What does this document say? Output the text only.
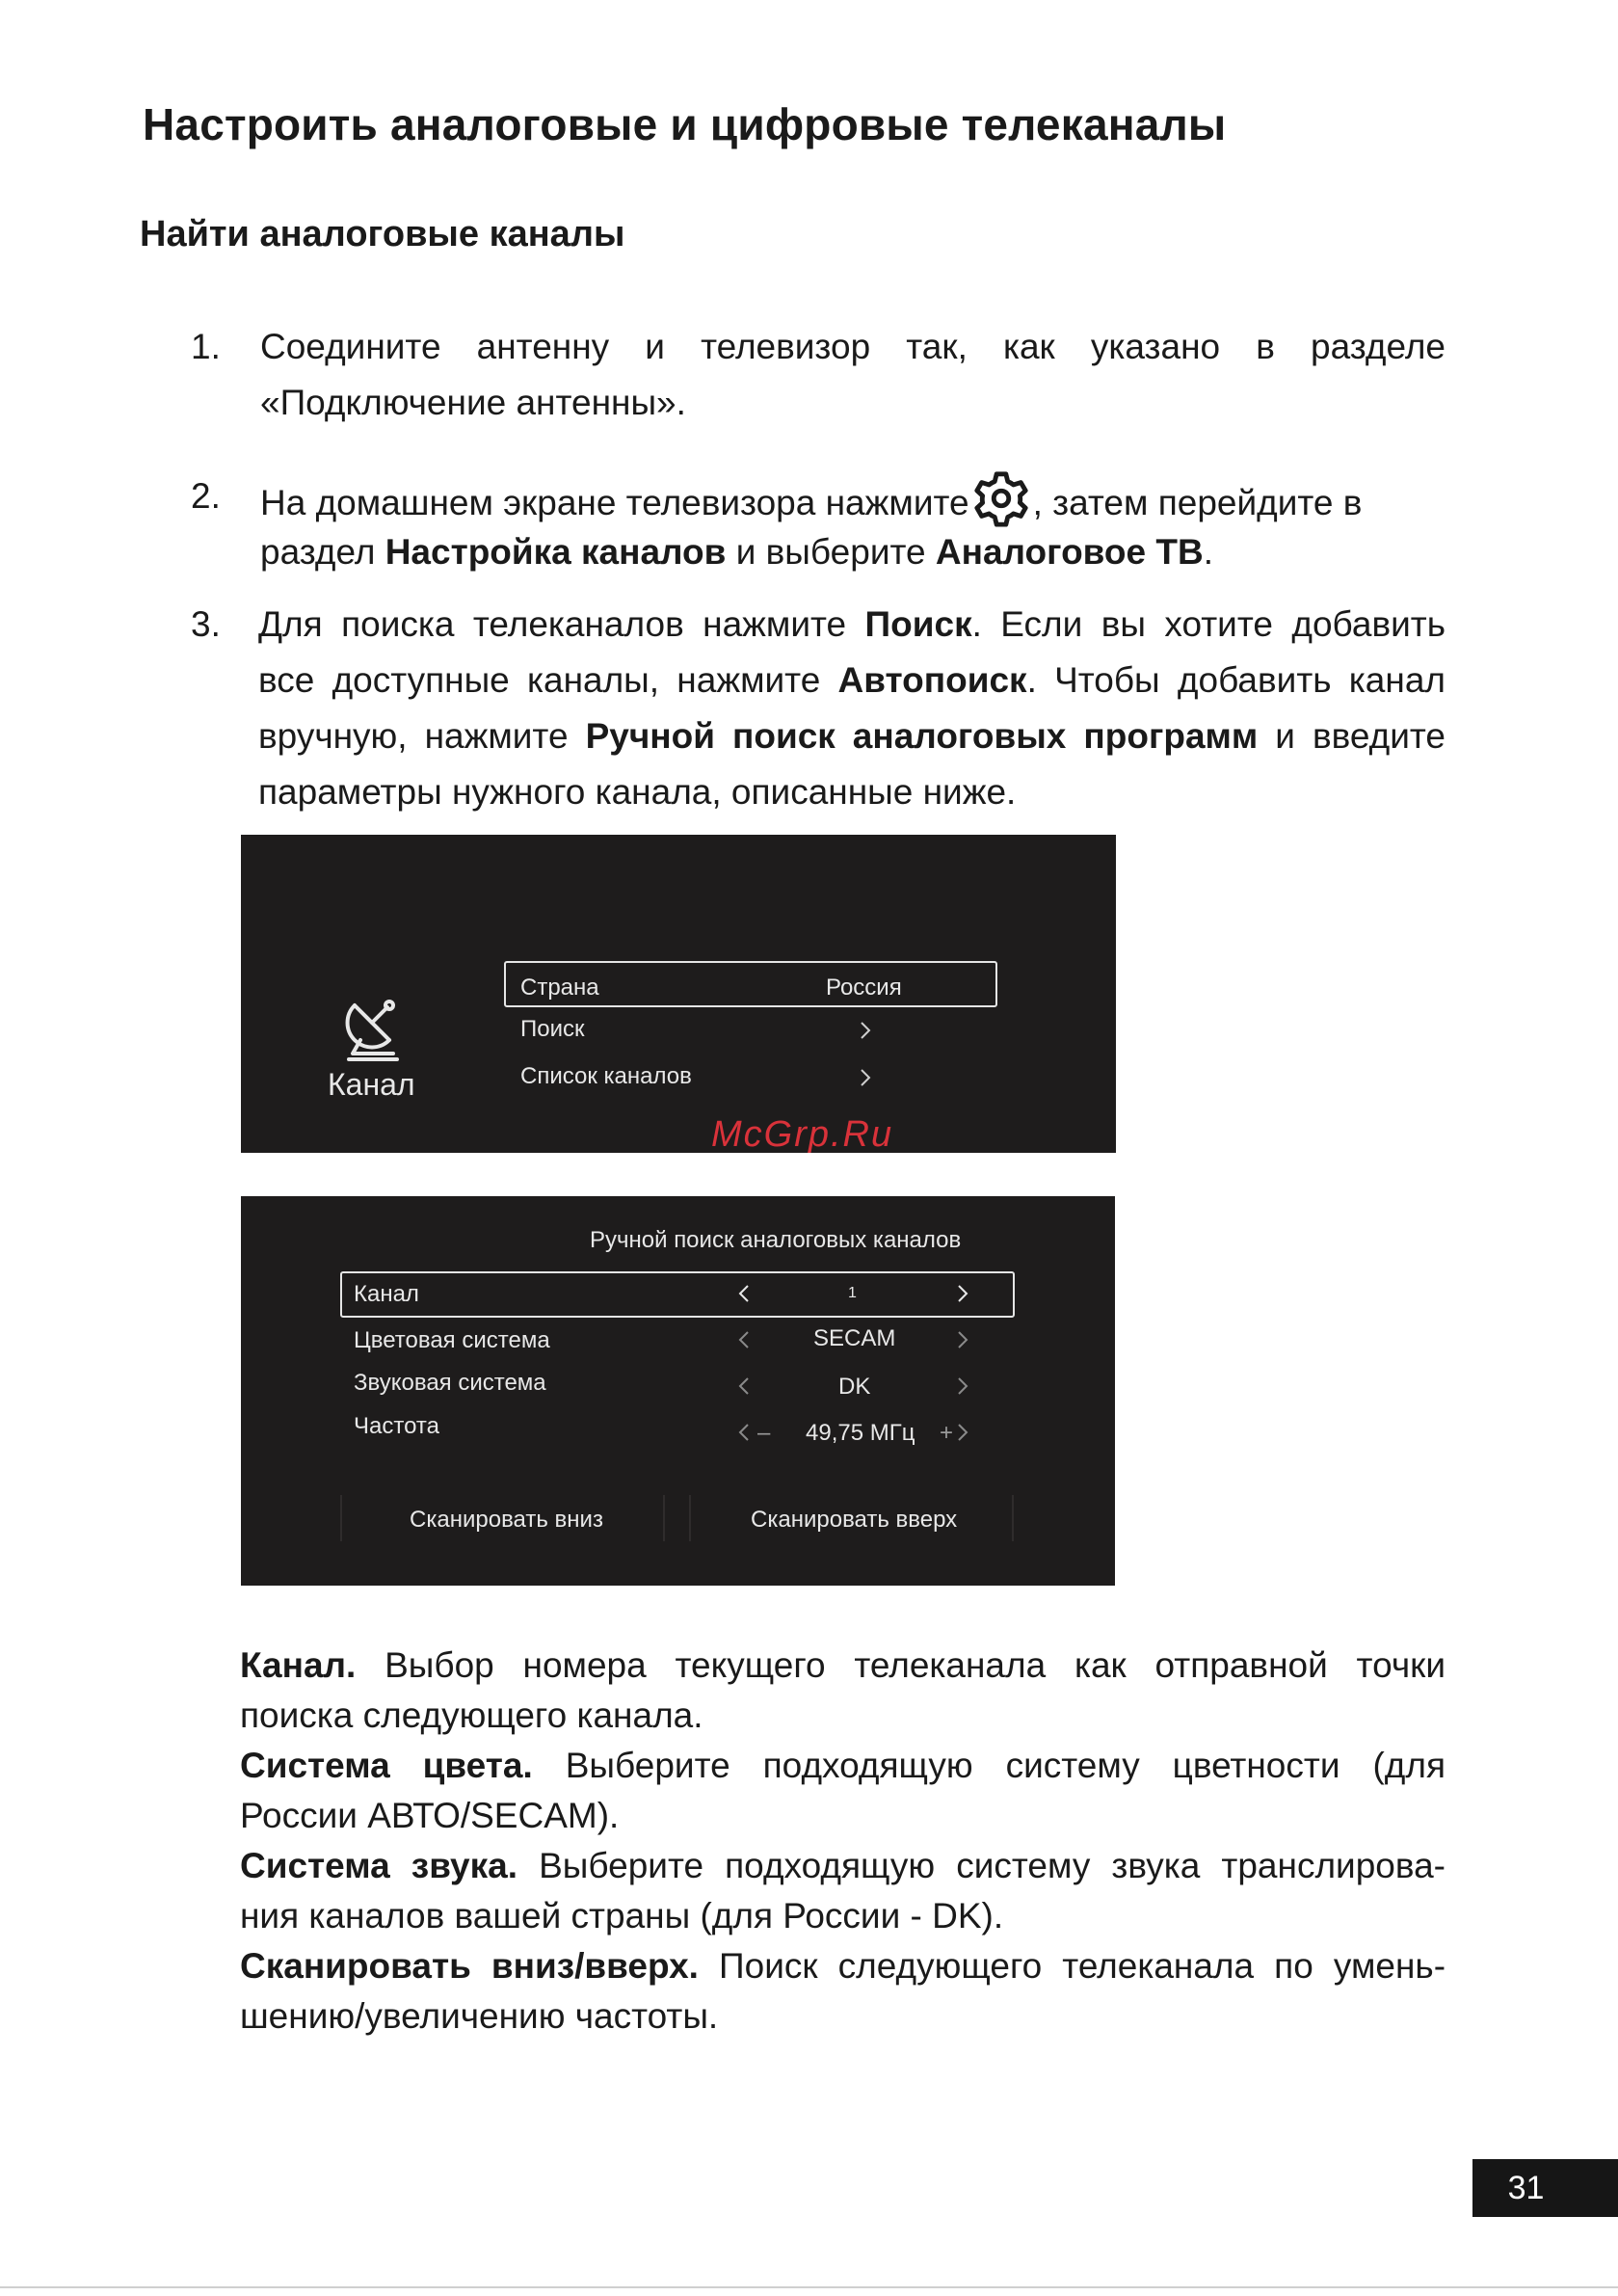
Настроить аналоговые и цифровые телеканалы
Найти аналоговые каналы
1. Соедините антенну и телевизор так, как указано в разделе
«Подключение антенны».
2. На домашнем экране телевизора нажмите , затем перейдите в
раздел Настройка каналов и выберите Аналоговое ТВ.
3. Для поиска телеканалов нажмите Поиск. Если вы хотите добавить
все доступные каналы, нажмите Автопоиск. Чтобы добавить канал
вручную, нажмите Ручной поиск аналоговых программ и введите
параметры нужного канала, описанные ниже.
Канал
Страна	Россия
Поиск
Список каналов
McGrp.Ru
Ручной поиск аналоговых каналов
Канал	1
Цветовая система	SECAM
Звуковая система	DK
Частота	– 49,75 МГц +
Сканировать вниз	Сканировать вверх
Канал. Выбор номера текущего телеканала как отправной точки
поиска следующего канала.
Система цвета. Выберите подходящую систему цветности (для
России АВТО/SECAM).
Система звука. Выберите подходящую систему звука транслирова-
ния каналов вашей страны (для России - DK).
Сканировать вниз/вверх. Поиск следующего телеканала по умень-
шению/увеличению частоты.
31
